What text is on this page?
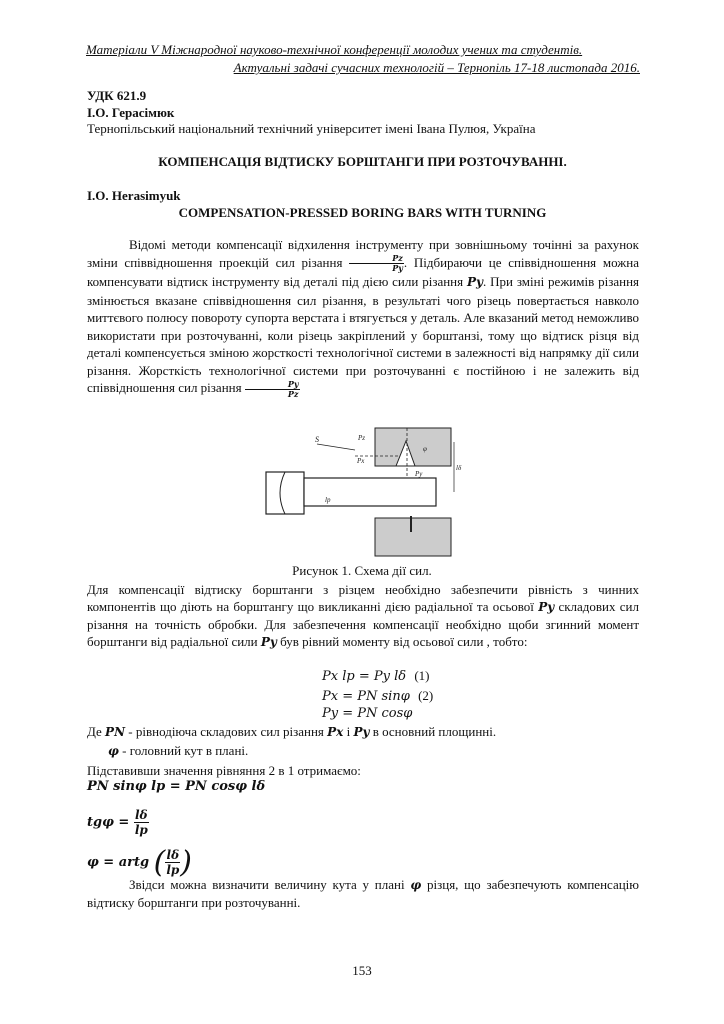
Матеріали V Міжнародної науково-технічної конференції молодих учених та студентів.
Актуальні задачі сучасних технологій – Тернопіль 17-18 листопада 2016.
УДК 621.9
І.О. Герасімюк
Тернопільський національний технічний університет імені Івана Пулюя, Україна
КОМПЕНСАЦІЯ ВІДТИСКУ БОРШТАНГИ ПРИ РОЗТОЧУВАННІ.
I.O. Herasimyuk
COMPENSATION-PRESSED BORING BARS WITH TURNING
Відомі методи компенсації відхилення інструменту при зовнішньому точінні за рахунок зміни співвідношення проекцій сил різання $\frac{Pz}{Py}$ . Підбираючи це співвідношення можна компенсувати відтиск інструменту від деталі під дією сили різання Py. При зміні режимів різання змінюється вказане співвідношення сил різання, в результаті чого різець повертається навколо миттєвого полюсу повороту супорта верстата і втягується у деталь. Але вказаний метод неможливо використати при розточуванні, коли різець закріплений у борштанзі, тому що відтиск різця від деталі компенсується зміною жорсткості технологічної системи в залежності від напрямку дії сили різання. Жорсткість технологічної системи при розточуванні є постійною і не залежить від співвідношення сил різання $\frac{Py}{Pz}$
S	Pz
Px
Py
φ
lp
lδ
Рисунок 1. Схема дії сил.
Для компенсації відтиску борштанги з різцем необхідно забезпечити рівність з чинних компонентів що діють на борштангу що викликанні дією радіальної та осьової Py складових сил різання на точність обробки. Для забезпечення компенсації необхідно щоби згинний момент борштанги від радіальної сили Py був рівний моменту від осьової сили , тобто:
Px lp = Py lδ (1)
Px = PN sinφ (2)
Py = PN cosφ
Де PN - рівнодіюча складових сил різання Px і Py в основний площинні.
φ - головний кут в плані.
Підставивши значення рівняння 2 в 1 отримаємо:
PN sinφ lp = PN cosφ lδ
$tg\varphi = \frac{l\delta}{lp}$
φ = artg ( $\frac{l\delta}{lp}$ )
Звідси можна визначити величину кута у плані φ різця, що забезпечують компенсацію відтиску борштанги при розточуванні.
153
